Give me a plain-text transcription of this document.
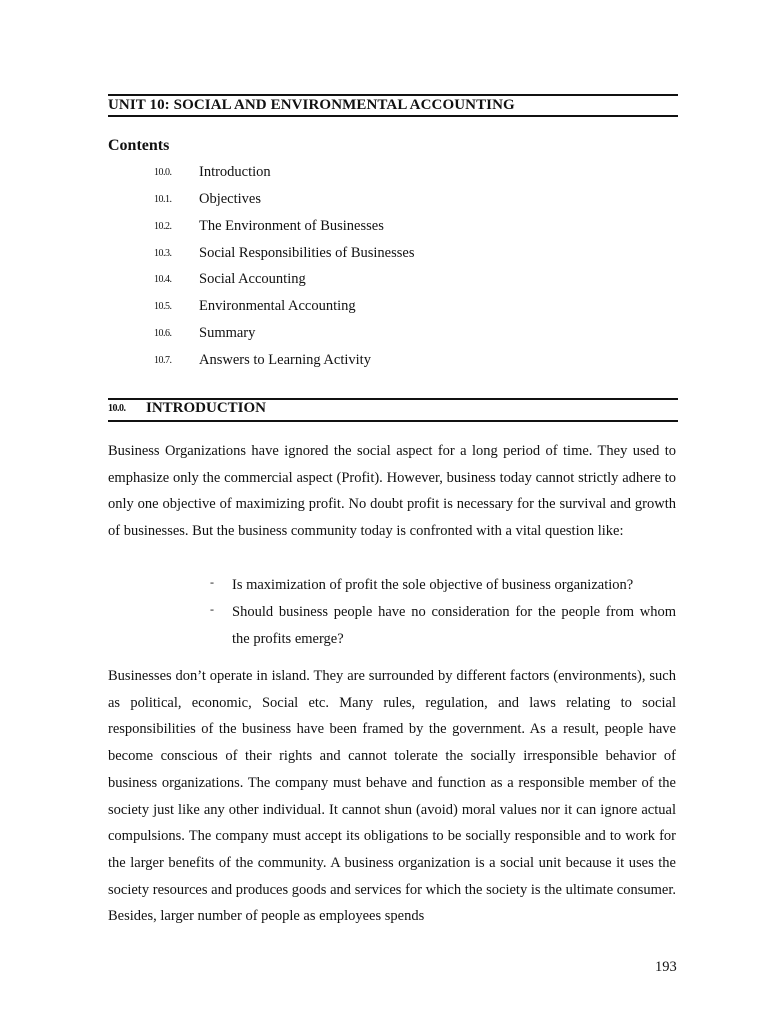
UNIT 10: SOCIAL AND ENVIRONMENTAL ACCOUNTING
Contents
10.0. Introduction
10.1. Objectives
10.2. The Environment of Businesses
10.3. Social Responsibilities of Businesses
10.4. Social Accounting
10.5. Environmental Accounting
10.6. Summary
10.7. Answers to Learning Activity
10.0. INTRODUCTION

Business Organizations have ignored the social aspect for a long period of time. They used to emphasize only the commercial aspect (Profit). However, business today cannot strictly adhere to only one objective of maximizing profit. No doubt profit is necessary for the survival and growth of businesses. But the business community today is confronted with a vital question like:

- Is maximization of profit the sole objective of business organization?
- Should business people have no consideration for the people from whom the profits emerge?

Businesses don’t operate in island. They are surrounded by different factors (environments), such as political, economic, Social etc. Many rules, regulation, and laws relating to social responsibilities of the business have been framed by the government. As a result, people have become conscious of their rights and cannot tolerate the socially irresponsible behavior of business organizations. The company must behave and function as a responsible member of the society just like any other individual. It cannot shun (avoid) moral values nor it can ignore actual compulsions. The company must accept its obligations to be socially responsible and to work for the larger benefits of the community. A business organization is a social unit because it uses the society resources and produces goods and services for which the society is the ultimate consumer. Besides, larger number of people as employees spends

193
